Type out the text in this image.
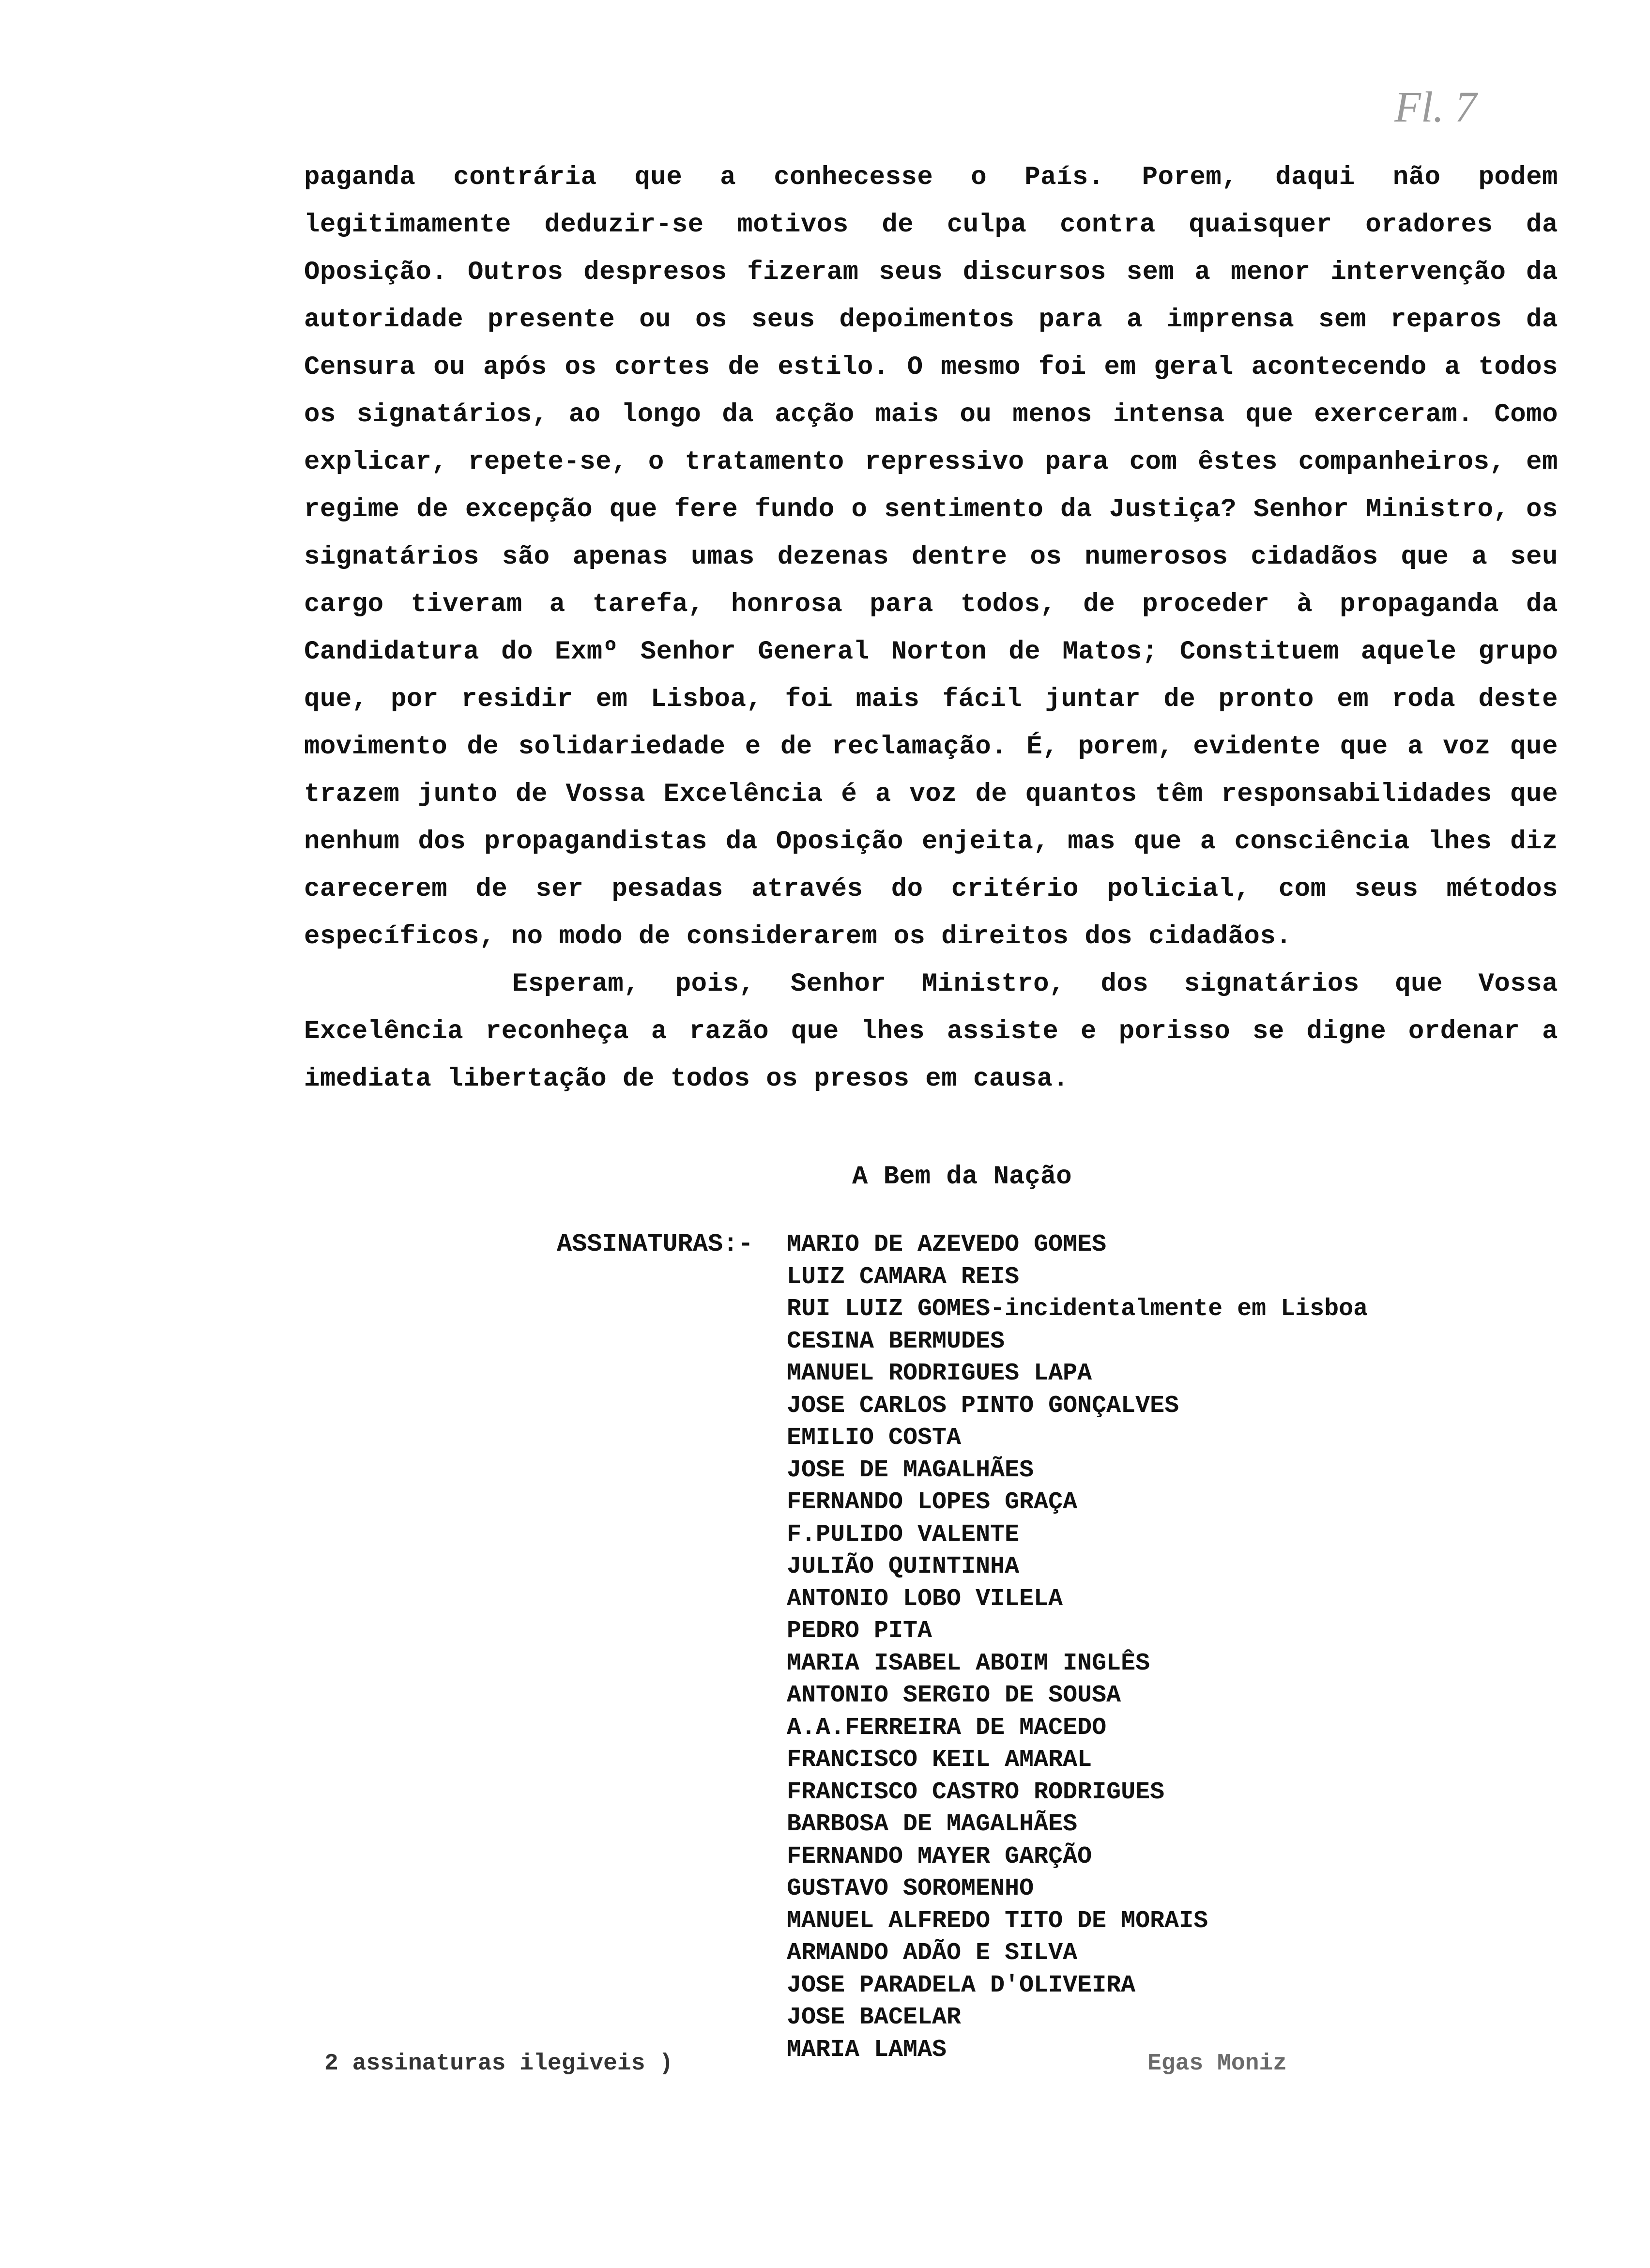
Fl. 7

paganda contrária que a conhecesse o País. Porem, daqui não podem legitimamente deduzir-se motivos de culpa contra quaisquer oradores da Oposição. Outros despresos fizeram seus discursos sem a menor intervenção da autoridade presente ou os seus depoimentos para a imprensa sem reparos da Censura ou após os cortes de estilo. O mesmo foi em geral acontecendo a todos os signatários, ao longo da acção mais ou menos intensa que exerceram. Como explicar, repete-se, o tratamento repressivo para com êstes companheiros, em regime de excepção que fere fundo o sentimento da Justiça? Senhor Ministro, os signatários são apenas umas dezenas dentre os numerosos cidadãos que a seu cargo tiveram a tarefa, honrosa para todos, de proceder à propaganda da Candidatura do Exmº Senhor General Norton de Matos; Constituem aquele grupo que, por residir em Lisboa, foi mais fácil juntar de pronto em roda deste movimento de solidariedade e de reclamação. É, porem, evidente que a voz que trazem junto de Vossa Excelência é a voz de quantos têm responsabilidades que nenhum dos propagandistas da Oposição enjeita, mas que a consciência lhes diz carecerem de ser pesadas através do critério policial, com seus métodos específicos, no modo de considerarem os direitos dos cidadãos.

Esperam, pois, Senhor Ministro, dos signatários que Vossa Excelência reconheça a razão que lhes assiste e porisso se digne ordenar a imediata libertação de todos os presos em causa.

A Bem da Nação
ASSINATURAS:- MARIO DE AZEVEDO GOMES
LUIZ CAMARA REIS
RUI LUIZ GOMES-incidentalmente em Lisboa
CESINA BERMUDES
MANUEL RODRIGUES LAPA
JOSE CARLOS PINTO GONÇALVES
EMILIO COSTA
JOSE DE MAGALHÃES
FERNANDO LOPES GRAÇA
F.PULIDO VALENTE
JULIÃO QUINTINHA
ANTONIO LOBO VILELA
PEDRO PITA
MARIA ISABEL ABOIM INGLÊS
ANTONIO SERGIO DE SOUSA
A.A.FERREIRA DE MACEDO
FRANCISCO KEIL AMARAL
FRANCISCO CASTRO RODRIGUES
BARBOSA DE MAGALHÃES
FERNANDO MAYER GARÇÃO
GUSTAVO SOROMENHO
MANUEL ALFREDO TITO DE MORAIS
ARMANDO ADÃO E SILVA
JOSE PARADELA D'OLIVEIRA
JOSE BACELAR
MARIA LAMAS
2 assinaturas ilegiveis )	Egas Moniz
